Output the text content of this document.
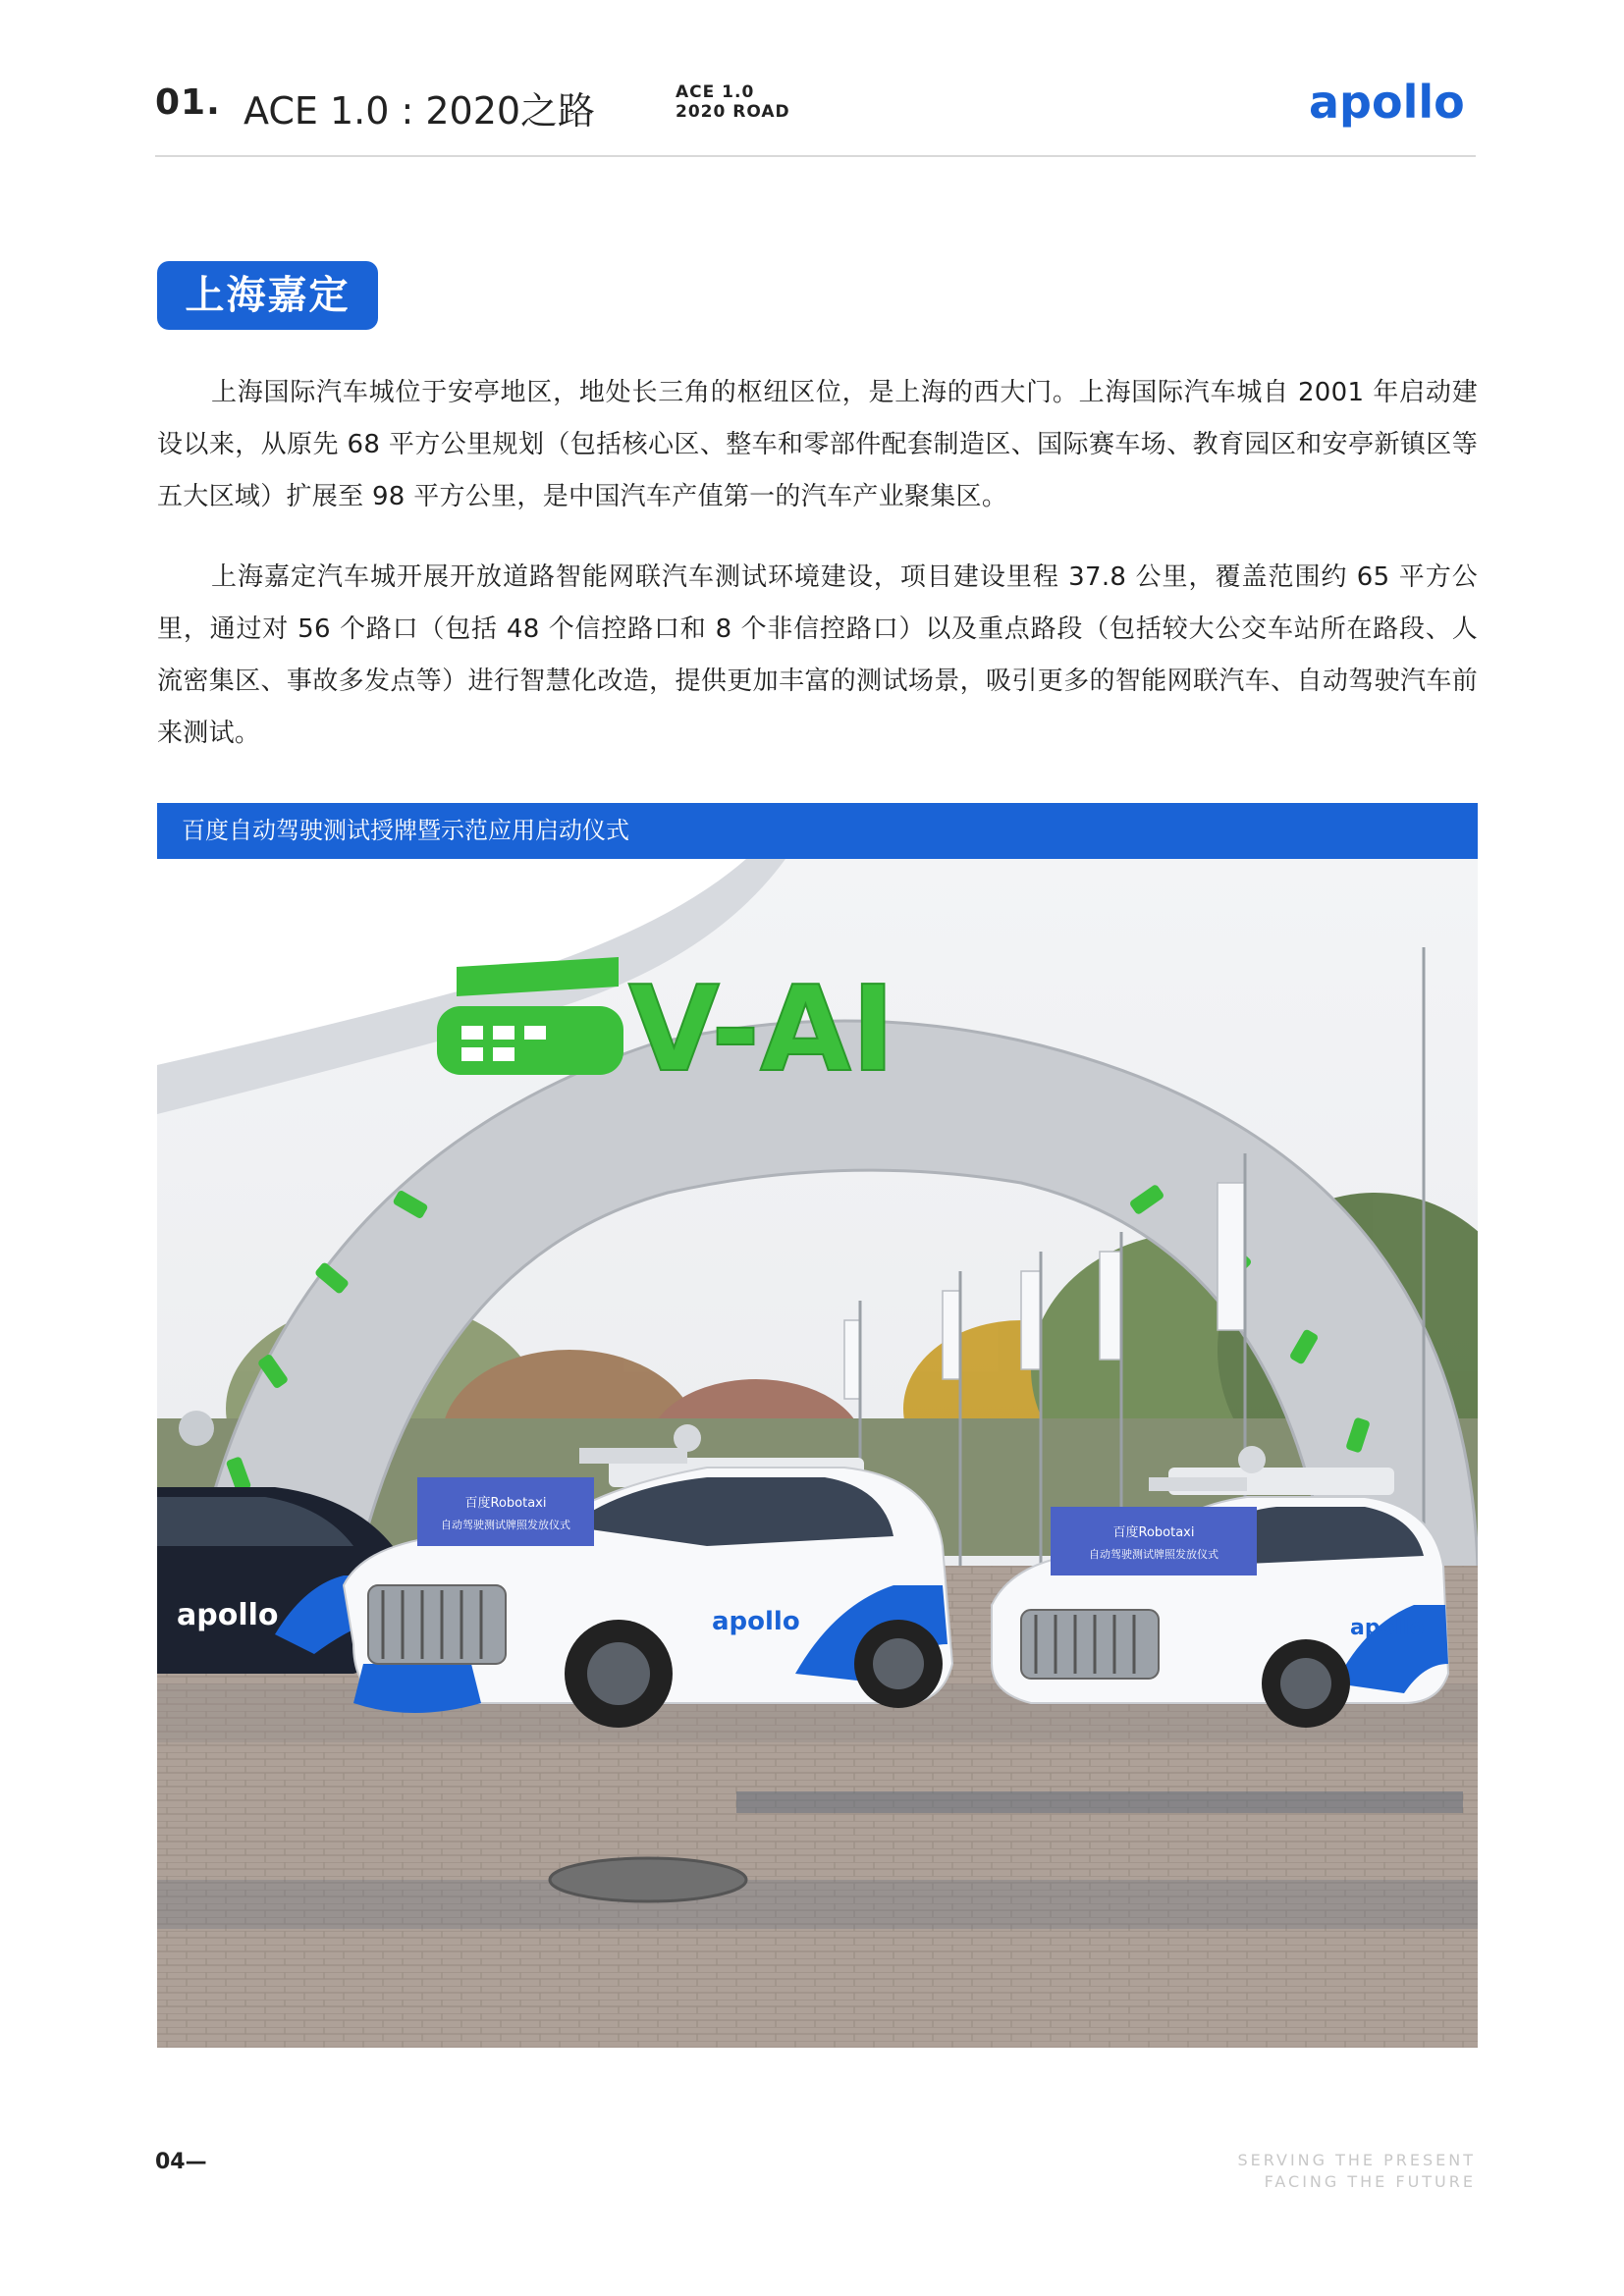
01. ACE 1.0 : 2020之路	ACE 1.0
2020 ROAD	apollo
上海嘉定

上海国际汽车城位于安亭地区，地处长三角的枢纽区位，是上海的西大门。上海国际汽车城自 2001 年启动建设以来，从原先 68 平方公里规划（包括核心区、整车和零部件配套制造区、国际赛车场、教育园区和安亭新镇区等五大区域）扩展至 98 平方公里，是中国汽车产值第一的汽车产业聚集区。

上海嘉定汽车城开展开放道路智能网联汽车测试环境建设，项目建设里程 37.8 公里，覆盖范围约 65 平方公里，通过对 56 个路口（包括 48 个信控路口和 8 个非信控路口）以及重点路段（包括较大公交车站所在路段、人流密集区、事故多发点等）进行智慧化改造，提供更加丰富的测试场景，吸引更多的智能网联汽车、自动驾驶汽车前来测试。

百度自动驾驶测试授牌暨示范应用启动仪式
V-AI
apollo	apollo
百度Robotaxi
自动驾驶测试牌照发放仪式
apollo
百度Robotaxi
自动驾驶测试牌照发放仪式
04—	SERVING THE PRESENT
FACING THE FUTURE
